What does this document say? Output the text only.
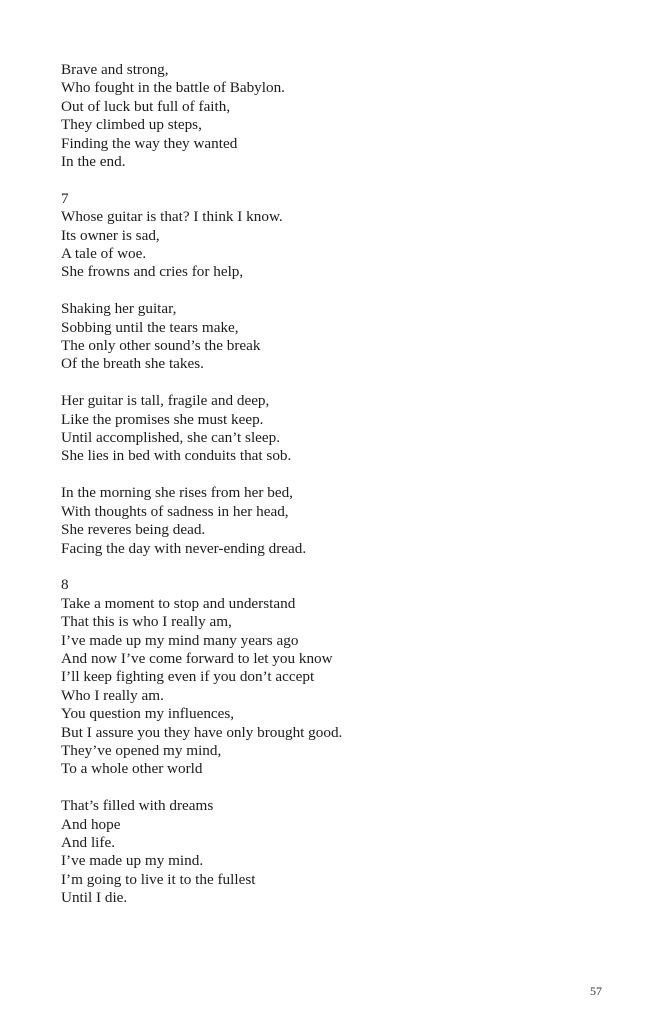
Brave and strong,
Who fought in the battle of Babylon.
Out of luck but full of faith,
They climbed up steps,
Finding the way they wanted
In the end.
7
Whose guitar is that? I think I know.
Its owner is sad,
A tale of woe.
She frowns and cries for help,
Shaking her guitar,
Sobbing until the tears make,
The only other sound’s the break
Of the breath she takes.
Her guitar is tall, fragile and deep,
Like the promises she must keep.
Until accomplished, she can’t sleep.
She lies in bed with conduits that sob.
In the morning she rises from her bed,
With thoughts of sadness in her head,
She reveres being dead.
Facing the day with never-ending dread.
8
Take a moment to stop and understand
That this is who I really am,
I’ve made up my mind many years ago
And now I’ve come forward to let you know
I’ll keep fighting even if you don’t accept
Who I really am.
You question my influences,
But I assure you they have only brought good.
They’ve opened my mind,
To a whole other world
That’s filled with dreams
And hope
And life.
I’ve made up my mind.
I’m going to live it to the fullest
Until I die.
57
